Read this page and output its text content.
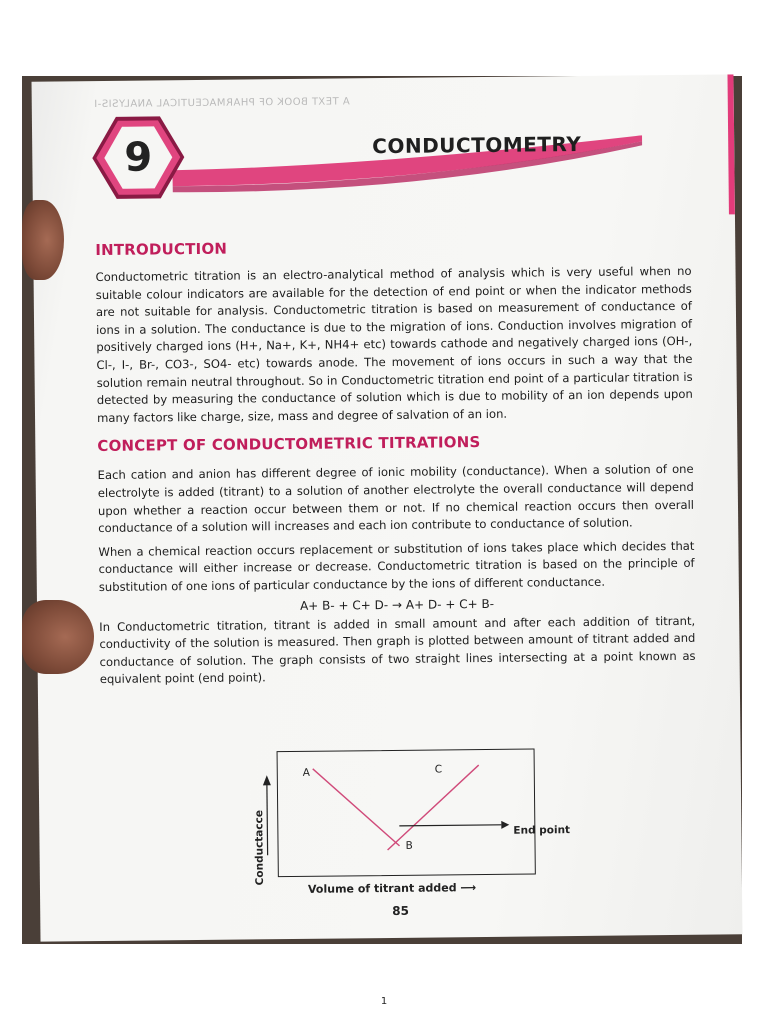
A TEXT BOOK OF PHARMACEUTICAL ANALYSIS-I
9	CONDUCTOMETRY
INTRODUCTION

Conductometric titration is an electro-analytical method of analysis which is very useful when no suitable colour indicators are available for the detection of end point or when the indicator methods are not suitable for analysis. Conductometric titration is based on measurement of conductance of ions in a solution. The conductance is due to the migration of ions. Conduction involves migration of positively charged ions (H+, Na+, K+, NH4+ etc) towards cathode and negatively charged ions (OH-, Cl-, I-, Br-, CO3-, SO4- etc) towards anode. The movement of ions occurs in such a way that the solution remain neutral throughout. So in Conductometric titration end point of a particular titration is detected by measuring the conductance of solution which is due to mobility of an ion depends upon many factors like charge, size, mass and degree of salvation of an ion.

CONCEPT OF CONDUCTOMETRIC TITRATIONS

Each cation and anion has different degree of ionic mobility (conductance). When a solution of one electrolyte is added (titrant) to a solution of another electrolyte the overall conductance will depend upon whether a reaction occur between them or not. If no chemical reaction occurs then overall conductance of a solution will increases and each ion contribute to conductance of solution.

When a chemical reaction occurs replacement or substitution of ions takes place which decides that conductance will either increase or decrease. Conductometric titration is based on the principle of substitution of one ions of particular conductance by the ions of different conductance.

A+ B- + C+ D- → A+ D- + C+ B-

In Conductometric titration, titrant is added in small amount and after each addition of titrant, conductivity of the solution is measured. Then graph is plotted between amount of titrant added and conductance of solution. The graph consists of two straight lines intersecting at a point known as equivalent point (end point).

A
B
C
End point
Conductacce
Volume of titrant added ⟶
85
1
